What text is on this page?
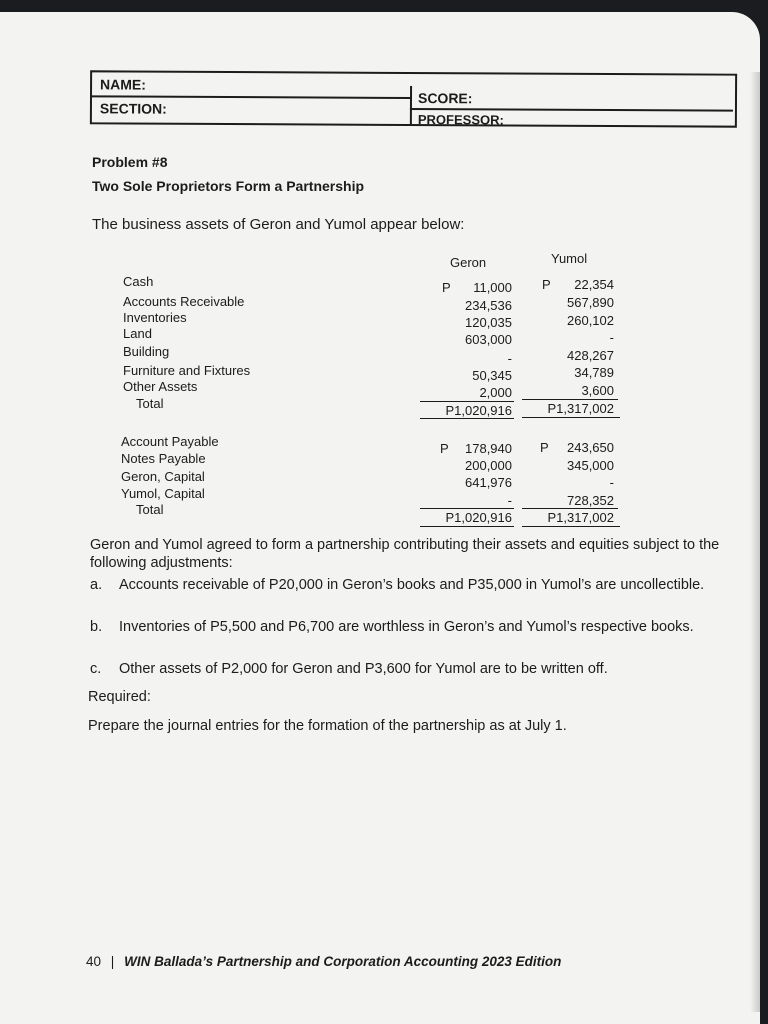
NAME:
SECTION:
SCORE:
PROFESSOR:
Problem #8
Two Sole Proprietors Form a Partnership
The business assets of Geron and Yumol appear below:
Geron	Yumol
Cash
Accounts Receivable
Inventories
Land
Building
Furniture and Fixtures
Other Assets
Total
P 11,000
234,536
120,035
603,000
-
50,345
2,000
P1,020,916
P 22,354
567,890
260,102
-
428,267
34,789
3,600
P1,317,002
Account Payable
Notes Payable
Geron, Capital
Yumol, Capital
Total
P 178,940
200,000
641,976
-
P1,020,916
P 243,650
345,000
-
728,352
P1,317,002
Geron and Yumol agreed to form a partnership contributing their assets and equities subject to the following adjustments:
a. Accounts receivable of P20,000 in Geron’s books and P35,000 in Yumol’s are uncollectible.
b. Inventories of P5,500 and P6,700 are worthless in Geron’s and Yumol’s respective books.
c. Other assets of P2,000 for Geron and P3,600 for Yumol are to be written off.
Required:
Prepare the journal entries for the formation of the partnership as at July 1.
40 | WIN Ballada’s Partnership and Corporation Accounting 2023 Edition
